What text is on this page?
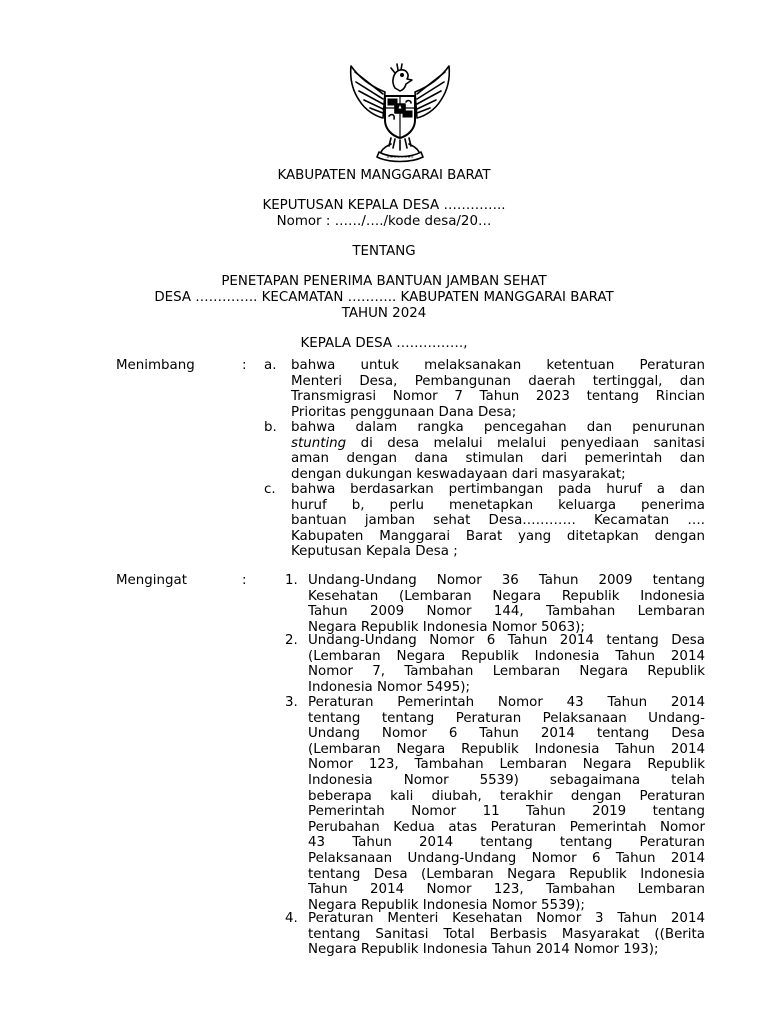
KABUPATEN MANGGARAI BARAT
KEPUTUSAN KEPALA DESA …………..
Nomor : ……/…./kode desa/20…
TENTANG
PENETAPAN PENERIMA BANTUAN JAMBAN SEHAT
DESA ………….. KECAMATAN ……….. KABUPATEN MANGGARAI BARAT
TAHUN 2024
KEPALA DESA ……………,
Menimbang	: a. bahwa untuk melaksanakan ketentuan Peraturan
Menteri Desa, Pembangunan daerah tertinggal, dan
Transmigrasi Nomor 7 Tahun 2023 tentang Rincian
Prioritas penggunaan Dana Desa;
b. bahwa dalam rangka pencegahan dan penurunan
stunting di desa melalui melalui penyediaan sanitasi
aman dengan dana stimulan dari pemerintah dan
dengan dukungan keswadayaan dari masyarakat;
c. bahwa berdasarkan pertimbangan pada huruf a dan
huruf b, perlu menetapkan keluarga penerima
bantuan jamban sehat Desa………… Kecamatan ….
Kabupaten Manggarai Barat yang ditetapkan dengan
Keputusan Kepala Desa ;
Mengingat	:	1. Undang-Undang Nomor 36 Tahun 2009 tentang
Kesehatan (Lembaran Negara Republik Indonesia
Tahun 2009 Nomor 144, Tambahan Lembaran
Negara Republik Indonesia Nomor 5063);
2. Undang-Undang Nomor 6 Tahun 2014 tentang Desa
(Lembaran Negara Republik Indonesia Tahun 2014
Nomor 7, Tambahan Lembaran Negara Republik
Indonesia Nomor 5495);
3. Peraturan Pemerintah Nomor 43 Tahun 2014
tentang tentang Peraturan Pelaksanaan Undang-
Undang Nomor 6 Tahun 2014 tentang Desa
(Lembaran Negara Republik Indonesia Tahun 2014
Nomor 123, Tambahan Lembaran Negara Republik
Indonesia Nomor 5539) sebagaimana telah
beberapa kali diubah, terakhir dengan Peraturan
Pemerintah Nomor 11 Tahun 2019 tentang
Perubahan Kedua atas Peraturan Pemerintah Nomor
43 Tahun 2014 tentang tentang Peraturan
Pelaksanaan Undang-Undang Nomor 6 Tahun 2014
tentang Desa (Lembaran Negara Republik Indonesia
Tahun 2014 Nomor 123, Tambahan Lembaran
Negara Republik Indonesia Nomor 5539);
4. Peraturan Menteri Kesehatan Nomor 3 Tahun 2014
tentang Sanitasi Total Berbasis Masyarakat ((Berita
Negara Republik Indonesia Tahun 2014 Nomor 193);
